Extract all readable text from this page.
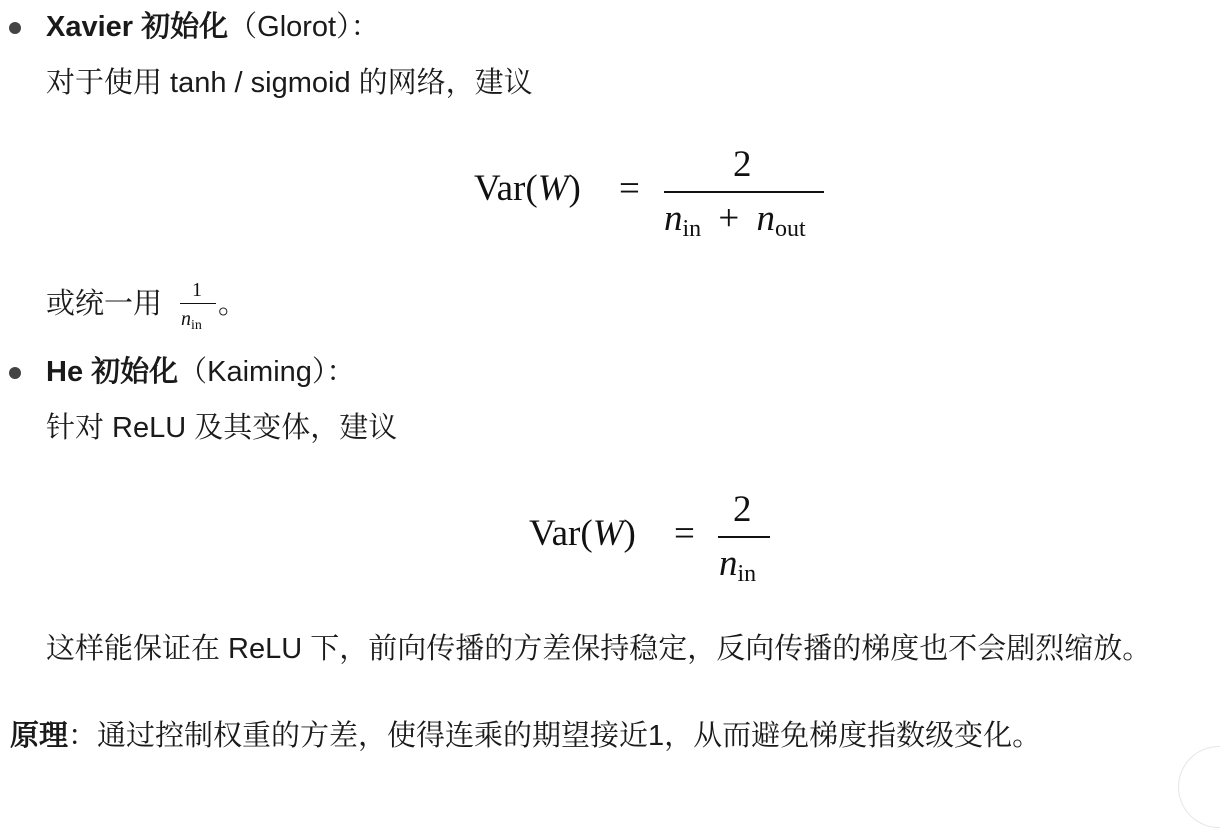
Xavier 初始化（Glorot）：
对于使用 tanh / sigmoid 的网络，建议
Var(W) =
2
nin + nout
或统一用 1
$n_{in}$
。
He 初始化（Kaiming）：
针对 ReLU 及其变体，建议
Var(W) =
2
nin
这样能保证在 ReLU 下，前向传播的方差保持稳定，反向传播的梯度也不会剧烈缩放。
原理：通过控制权重的方差，使得连乘的期望接近1，从而避免梯度指数级变化。
